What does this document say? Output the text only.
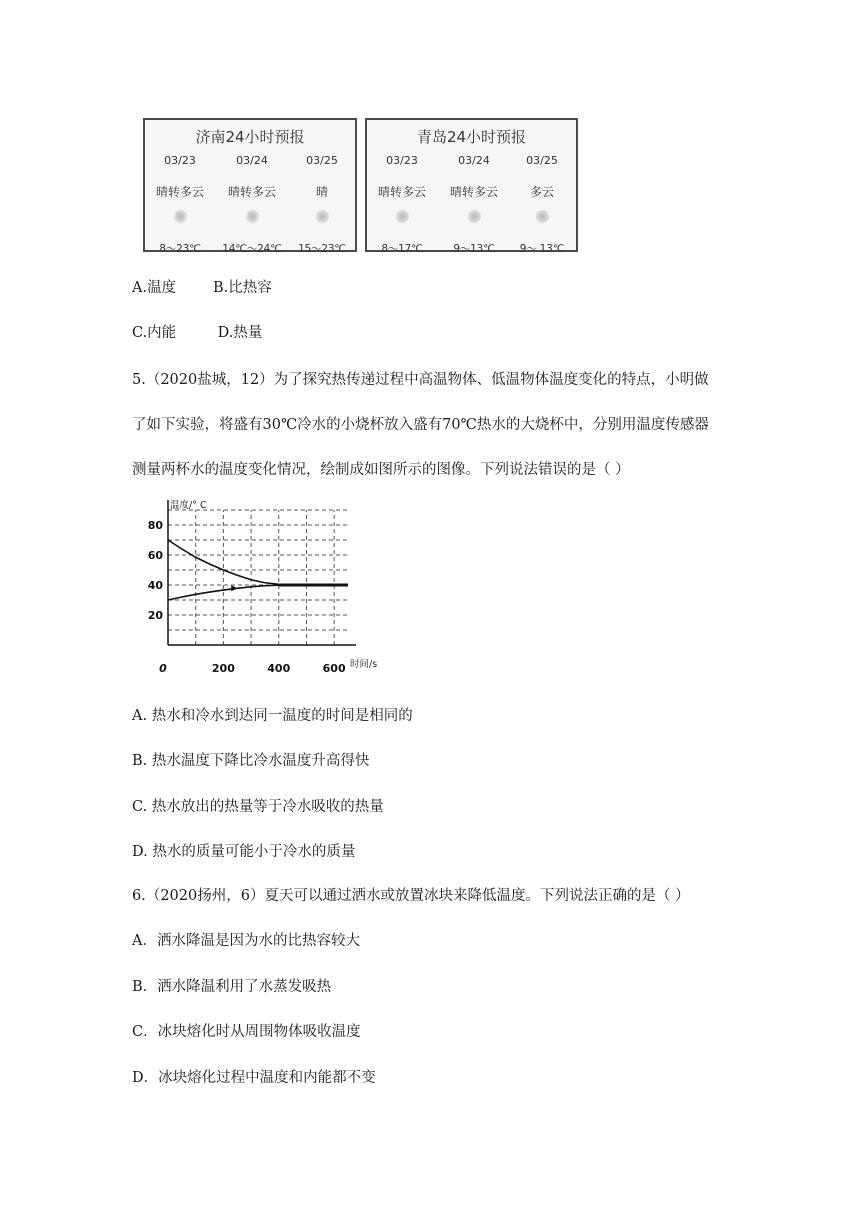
济南24小时预报
03/23
晴转多云
8～23℃
03/24
晴转多云
14℃～24℃
03/25
晴
15～23℃
青岛24小时预报
03/23
晴转多云
8～17℃
03/24
晴转多云
9～13℃
03/25
多云
9～ 13℃
A.温度        B.比热容
C.内能         D.热量
5.（2020盐城，12）为了探究热传递过程中高温物体、低温物体温度变化的特点，小明做
了如下实验，将盛有30℃冷水的小烧杯放入盛有70℃热水的大烧杯中，分别用温度传感器
测量两杯水的温度变化情况，绘制成如图所示的图像。下列说法错误的是（ ）
20
40
60
80
200	400	600
0
温度/° C
时间/s
A. 热水和冷水到达同一温度的时间是相同的
B. 热水温度下降比冷水温度升高得快
C. 热水放出的热量等于冷水吸收的热量
D. 热水的质量可能小于冷水的质量
6.（2020扬州，6）夏天可以通过洒水或放置冰块来降低温度。下列说法正确的是（ ）
A．洒水降温是因为水的比热容较大
B．洒水降温利用了水蒸发吸热
C．冰块熔化时从周围物体吸收温度
D．冰块熔化过程中温度和内能都不变
